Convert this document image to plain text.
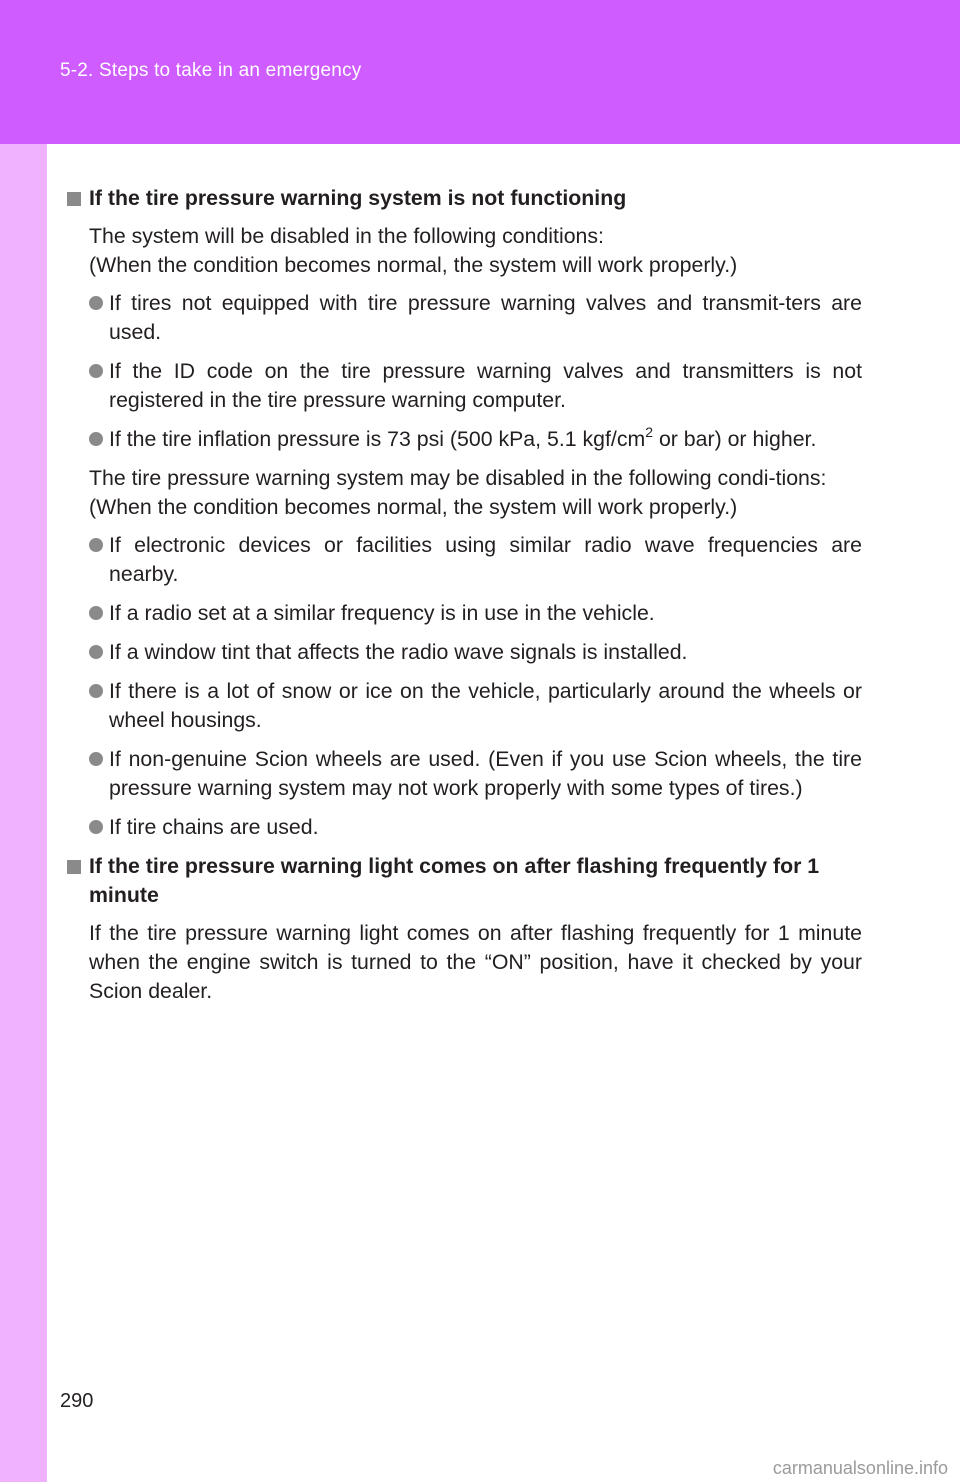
5-2. Steps to take in an emergency
If the tire pressure warning system is not functioning
The system will be disabled in the following conditions:
(When the condition becomes normal, the system will work properly.)
If tires not equipped with tire pressure warning valves and transmit-ters are used.
If the ID code on the tire pressure warning valves and transmitters is not registered in the tire pressure warning computer.
If the tire inflation pressure is 73 psi (500 kPa, 5.1 kgf/$cm^2$ or bar) or higher.
The tire pressure warning system may be disabled in the following condi-tions:
(When the condition becomes normal, the system will work properly.)
If electronic devices or facilities using similar radio wave frequencies are nearby.
If a radio set at a similar frequency is in use in the vehicle.
If a window tint that affects the radio wave signals is installed.
If there is a lot of snow or ice on the vehicle, particularly around the wheels or wheel housings.
If non-genuine Scion wheels are used. (Even if you use Scion wheels, the tire pressure warning system may not work properly with some types of tires.)
If tire chains are used.
If the tire pressure warning light comes on after flashing frequently for 1 minute
If the tire pressure warning light comes on after flashing frequently for 1 minute when the engine switch is turned to the “ON” position, have it checked by your Scion dealer.
290
carmanualsonline.info
